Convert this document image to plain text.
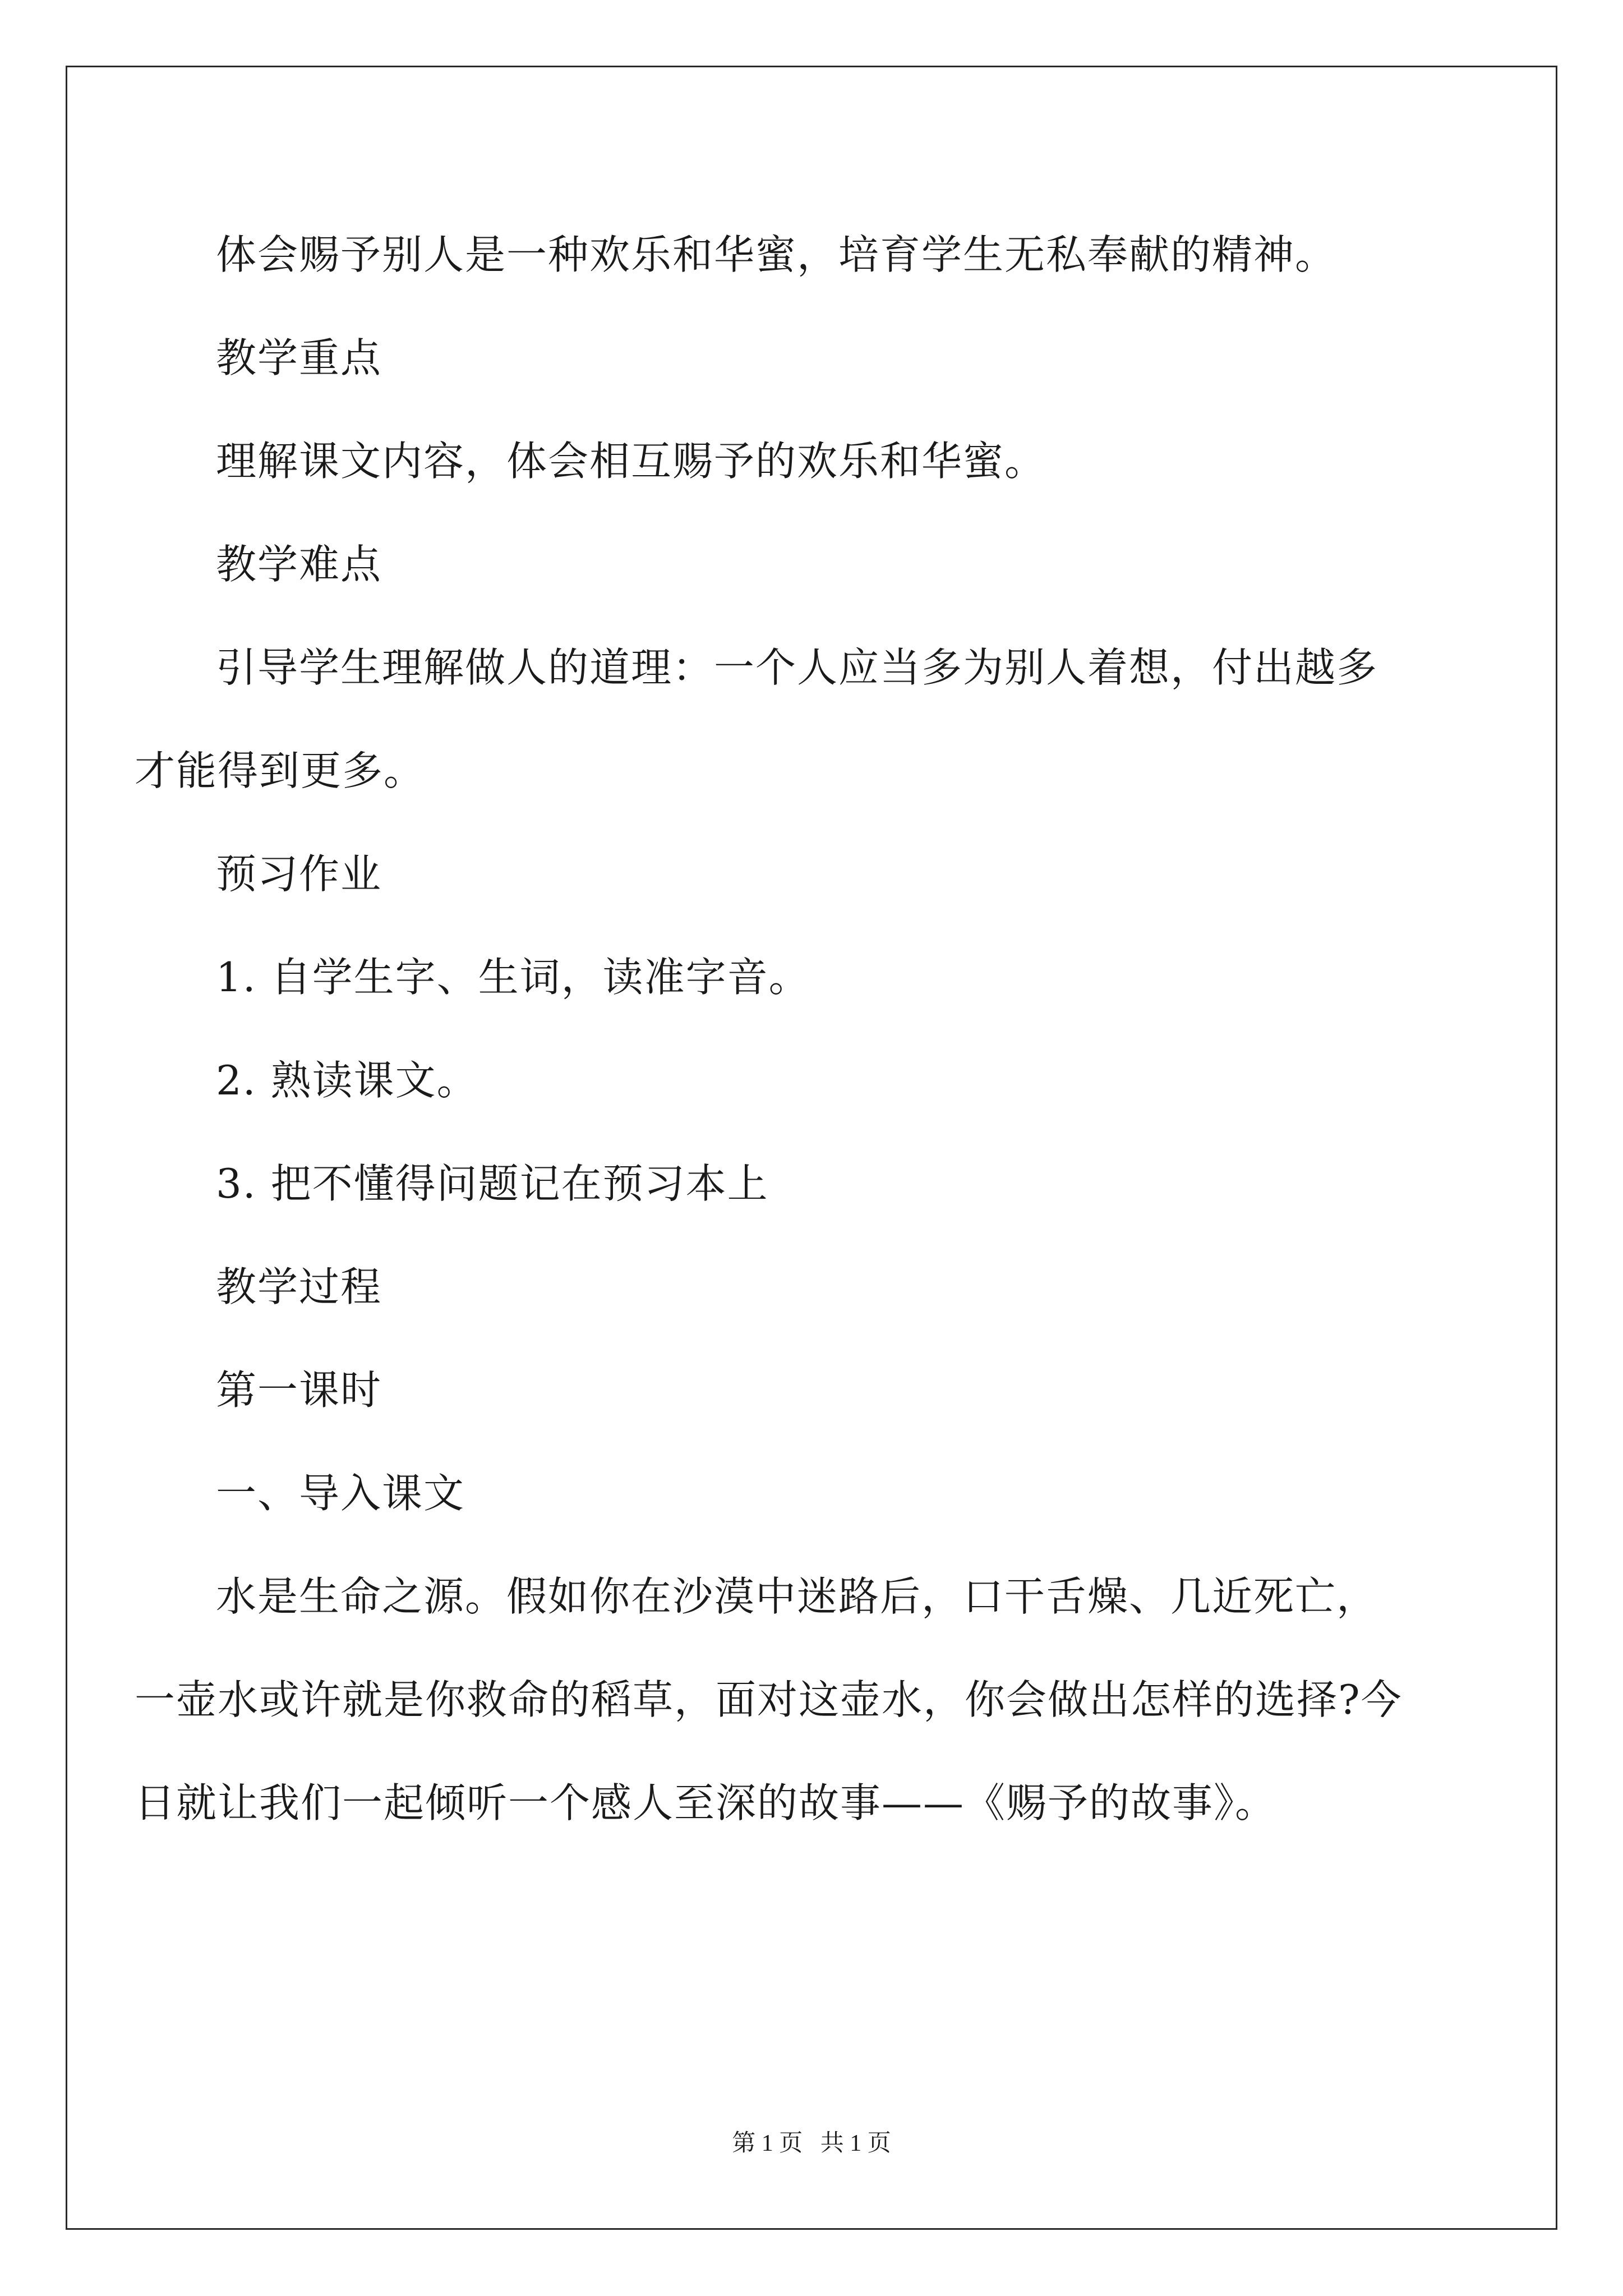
体会赐予别人是一种欢乐和华蜜，培育学生无私奉献的精神。
教学重点
理解课文内容，体会相互赐予的欢乐和华蜜。
教学难点
引导学生理解做人的道理：一个人应当多为别人着想，付出越多
才能得到更多。
预习作业
1. 自学生字、生词，读准字音。
2. 熟读课文。
3. 把不懂得问题记在预习本上
教学过程
第一课时
一、导入课文
水是生命之源。假如你在沙漠中迷路后，口干舌燥、几近死亡，
一壶水或许就是你救命的稻草，面对这壶水，你会做出怎样的选择?今
日就让我们一起倾听一个感人至深的故事——《赐予的故事》。
第 1 页   共 1 页
